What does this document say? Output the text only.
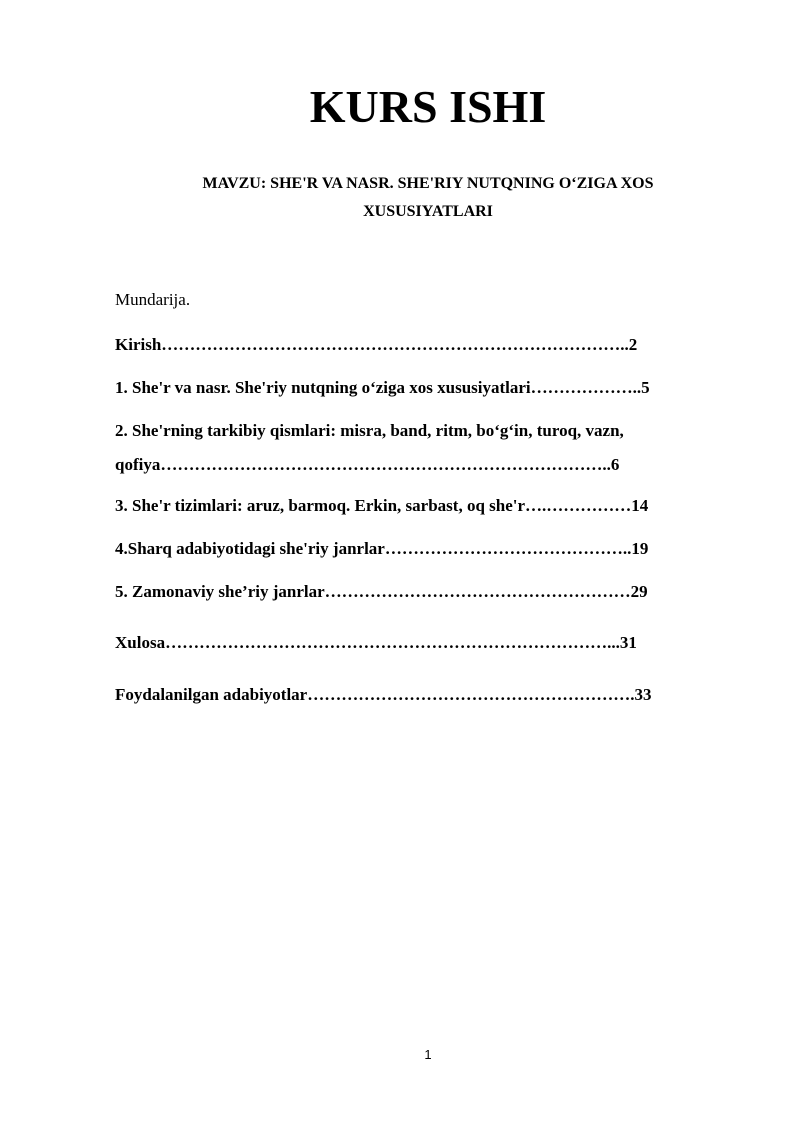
KURS ISHI

MAVZU: SHE'R VA NASR. SHE'RIY NUTQNING O‘ZIGA XOS XUSUSIYATLARI

Mundarija.

Kirish………………………………………………………………………..2

1. She'r va nasr. She'riy nutqning o‘ziga xos xususiyatlari………………..5

2. She'rning tarkibiy qismlari: misra, band, ritm, bo‘g‘in, turoq, vazn, qofiya……………………………………………………………………..6

3. She'r tizimlari: aruz, barmoq. Erkin, sarbast, oq she'r….……………14

4.Sharq adabiyotidagi she'riy janrlar……………………………………..19

5. Zamonaviy she’riy janrlar………………………………………………29

Xulosa……………………………………………………………………...31

Foydalanilgan adabiyotlar………………………………………………….33

1
